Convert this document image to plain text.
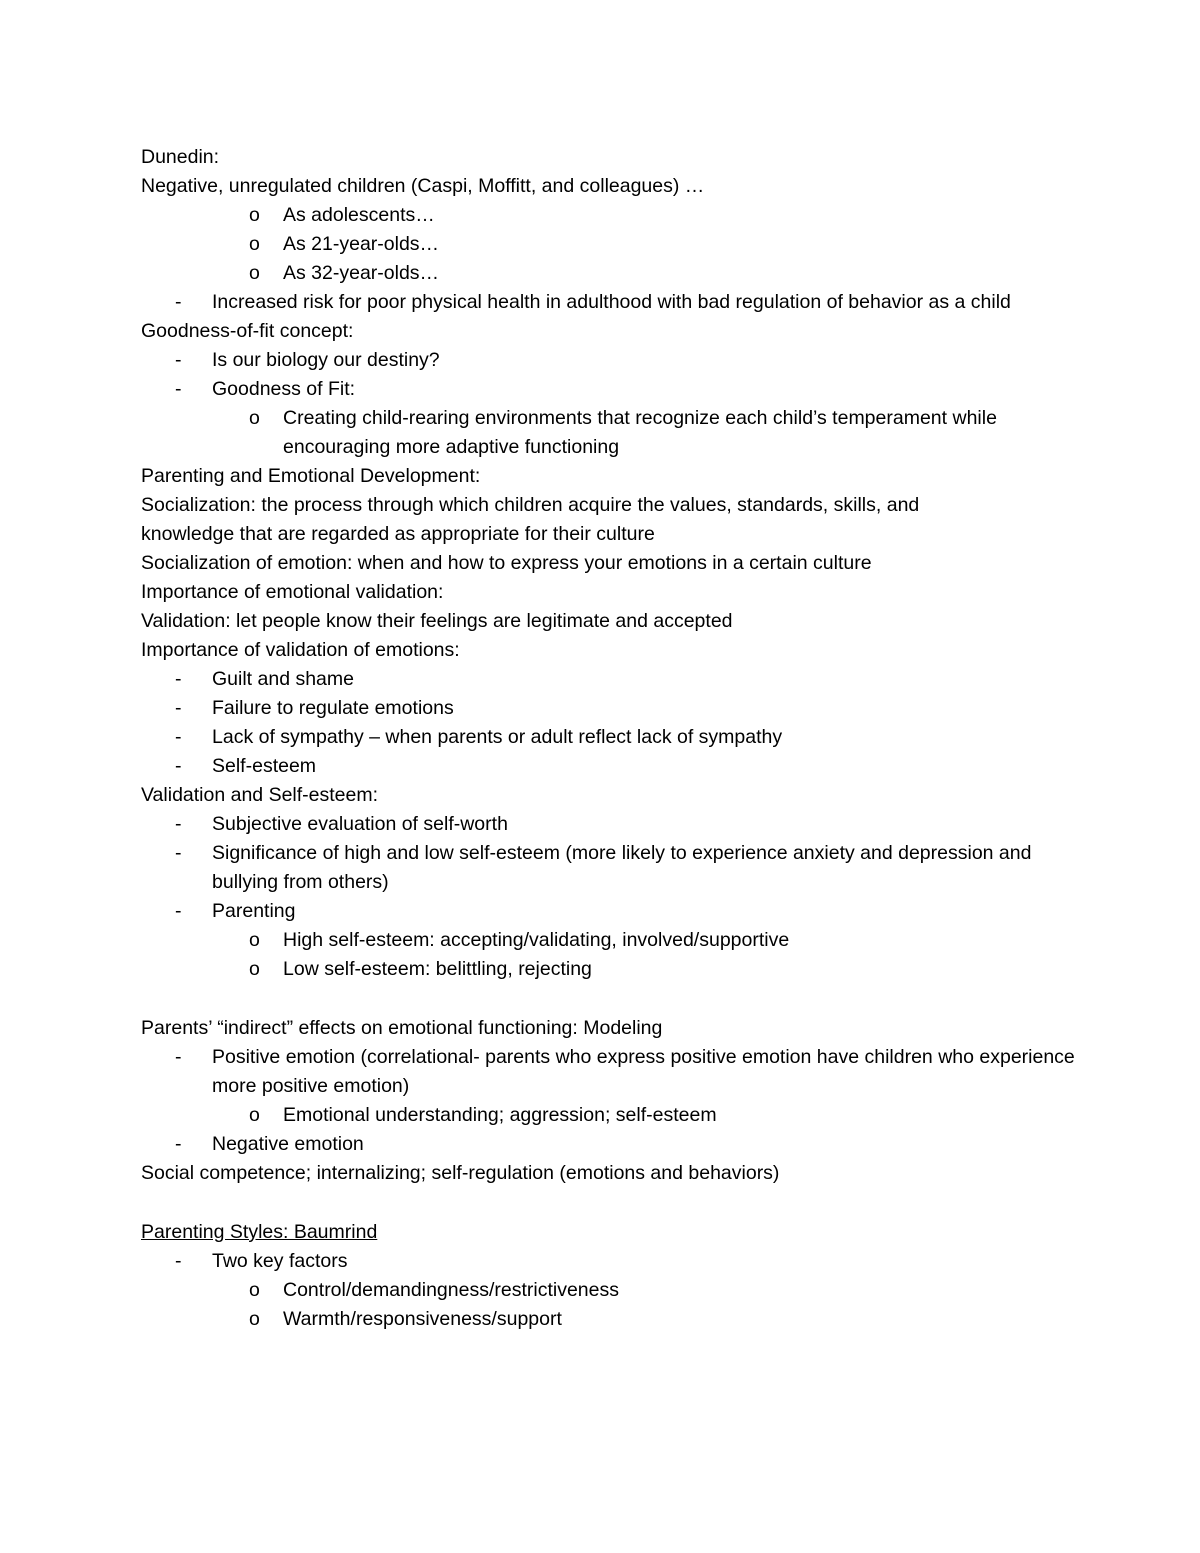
Dunedin:
Negative, unregulated children (Caspi, Moffitt, and colleagues) …
o As adolescents…
o As 21-year-olds…
o As 32-year-olds…
- Increased risk for poor physical health in adulthood with bad regulation of behavior as a child
Goodness-of-fit concept:
- Is our biology our destiny?
- Goodness of Fit:
o Creating child-rearing environments that recognize each child’s temperament while encouraging more adaptive functioning
Parenting and Emotional Development:
Socialization: the process through which children acquire the values, standards, skills, and knowledge that are regarded as appropriate for their culture
Socialization of emotion: when and how to express your emotions in a certain culture
Importance of emotional validation:
Validation: let people know their feelings are legitimate and accepted
Importance of validation of emotions:
- Guilt and shame
- Failure to regulate emotions
- Lack of sympathy – when parents or adult reflect lack of sympathy
- Self-esteem
Validation and Self-esteem:
- Subjective evaluation of self-worth
- Significance of high and low self-esteem (more likely to experience anxiety and depression and bullying from others)
- Parenting
o High self-esteem: accepting/validating, involved/supportive
o Low self-esteem: belittling, rejecting
Parents’ “indirect” effects on emotional functioning: Modeling
- Positive emotion (correlational- parents who express positive emotion have children who experience more positive emotion)
o Emotional understanding; aggression; self-esteem
- Negative emotion
Social competence; internalizing; self-regulation (emotions and behaviors)
Parenting Styles: Baumrind
- Two key factors
o Control/demandingness/restrictiveness
o Warmth/responsiveness/support
